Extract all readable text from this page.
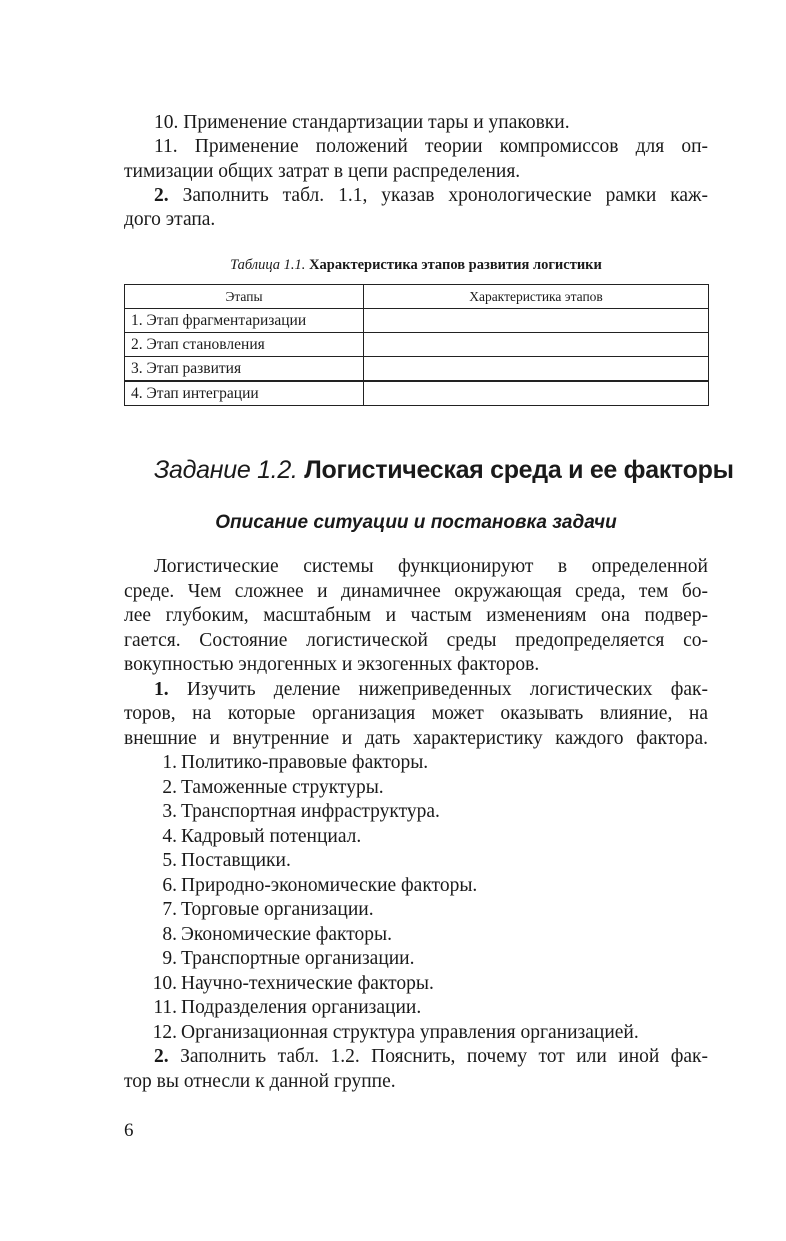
10. Применение стандартизации тары и упаковки.
11. Применение положений теории компромиссов для оп-
тимизации общих затрат в цепи распределения.
2. Заполнить табл. 1.1, указав хронологические рамки каж-
дого этапа.
Таблица 1.1. Характеристика этапов развития логистики
Этапы	Характеристика этапов
1. Этап фрагментаризации	
2. Этап становления	
3. Этап развития	
4. Этап интеграции	
Задание 1.2. Логистическая среда и ее факторы
Описание ситуации и постановка задачи
Логистические системы функционируют в определенной
среде. Чем сложнее и динамичнее окружающая среда, тем бо-
лее глубоким, масштабным и частым изменениям она подвер-
гается. Состояние логистической среды предопределяется со-
вокупностью эндогенных и экзогенных факторов.
1. Изучить деление нижеприведенных логистических фак-
торов, на которые организация может оказывать влияние, на
внешние и внутренние и дать характеристику каждого фактора.
1. Политико-правовые факторы.
2. Таможенные структуры.
3. Транспортная инфраструктура.
4. Кадровый потенциал.
5. Поставщики.
6. Природно-экономические факторы.
7. Торговые организации.
8. Экономические факторы.
9. Транспортные организации.
10. Научно-технические факторы.
11. Подразделения организации.
12. Организационная структура управления организацией.
2. Заполнить табл. 1.2. Пояснить, почему тот или иной фак-
тор вы отнесли к данной группе.
6
